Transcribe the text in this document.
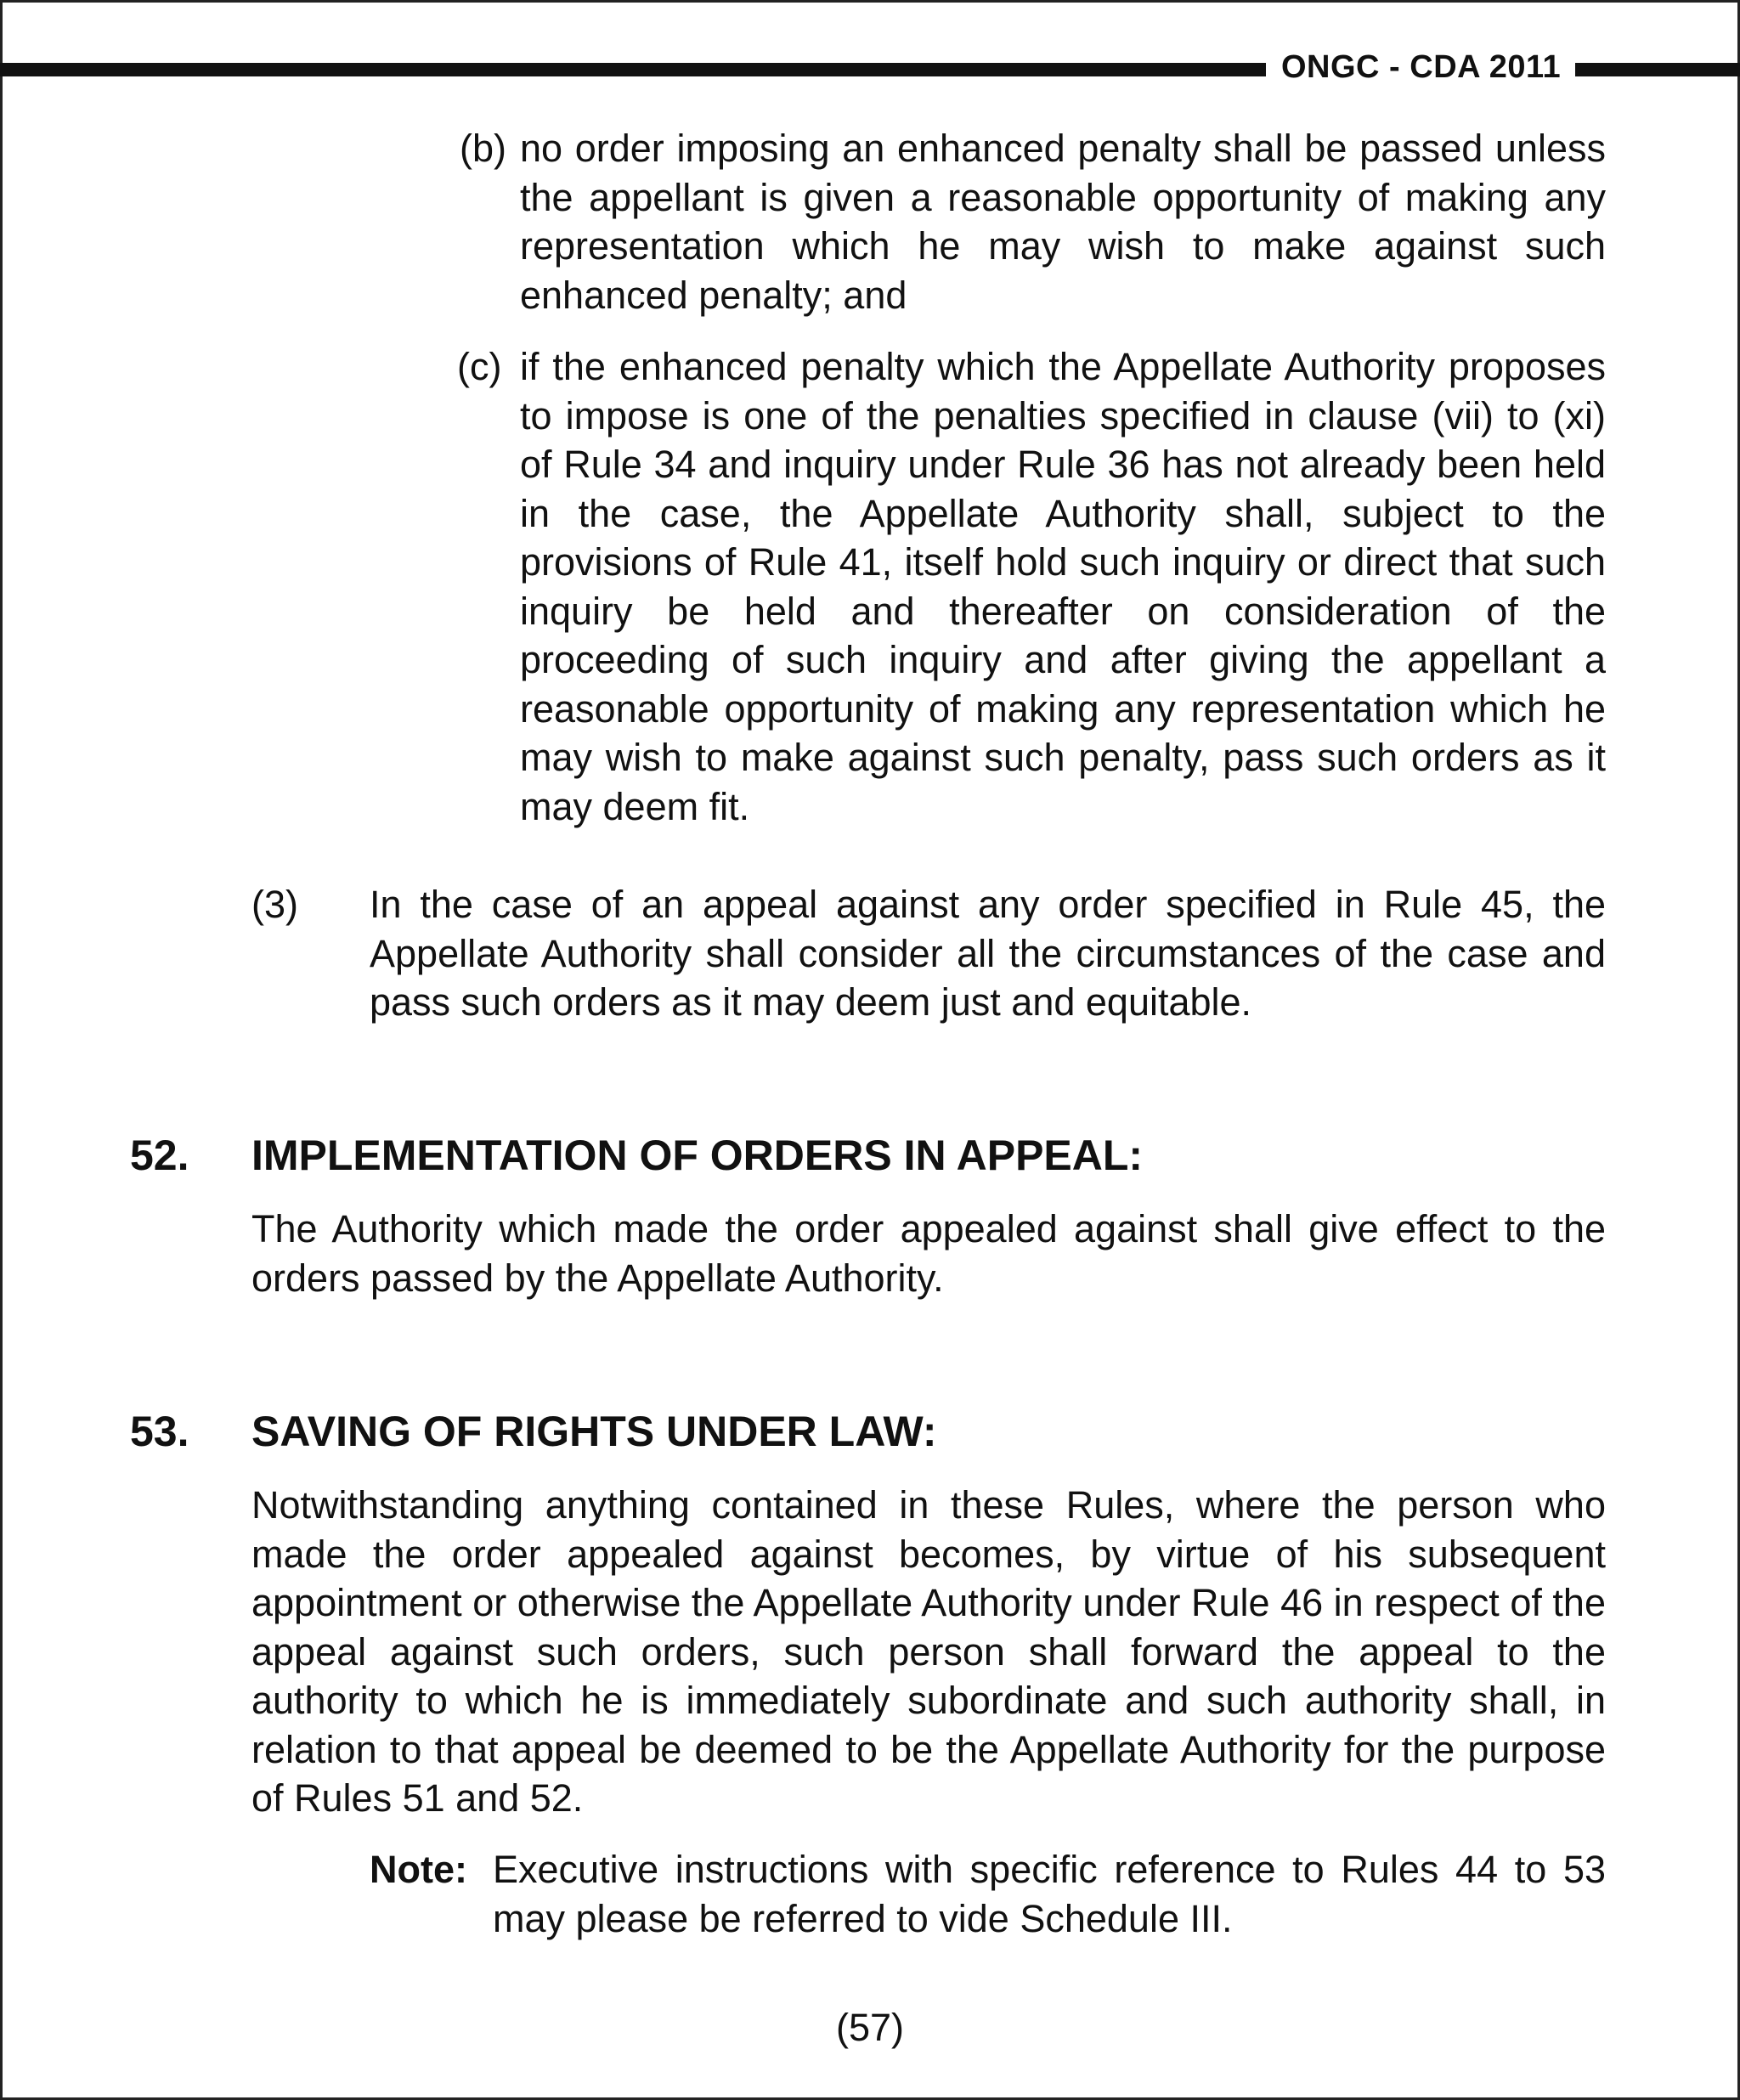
ONGC - CDA 2011
(b) no order imposing an enhanced penalty shall be passed unless the appellant is given a reasonable opportunity of making any representation which he may wish to make against such enhanced penalty; and
(c) if the enhanced penalty which the Appellate Authority proposes to impose is one of the penalties specified in clause (vii) to (xi) of Rule 34 and inquiry under Rule 36 has not already been held in the case, the Appellate Authority shall, subject to the provisions of Rule 41, itself hold such inquiry or direct that such inquiry be held and thereafter on consideration of the proceeding of such inquiry and after giving the appellant a reasonable opportunity of making any representation which he may wish to make against such penalty, pass such orders as it may deem fit.
(3) In the case of an appeal against any order specified in Rule 45, the Appellate Authority shall consider all the circumstances of the case and pass such orders as it may deem just and equitable.
52. IMPLEMENTATION OF ORDERS IN APPEAL:
The Authority which made the order appealed against shall give effect to the orders passed by the Appellate Authority.
53. SAVING OF RIGHTS UNDER LAW:
Notwithstanding anything contained in these Rules, where the person who made the order appealed against becomes, by virtue of his subsequent appointment or otherwise the Appellate Authority under Rule 46 in respect of the appeal against such orders, such person shall forward the appeal to the authority to which he is immediately subordinate and such authority shall, in relation to that appeal be deemed to be the Appellate Authority for the purpose of Rules 51 and 52.
Note: Executive instructions with specific reference to Rules 44 to 53 may please be referred to vide Schedule III.
(57)
